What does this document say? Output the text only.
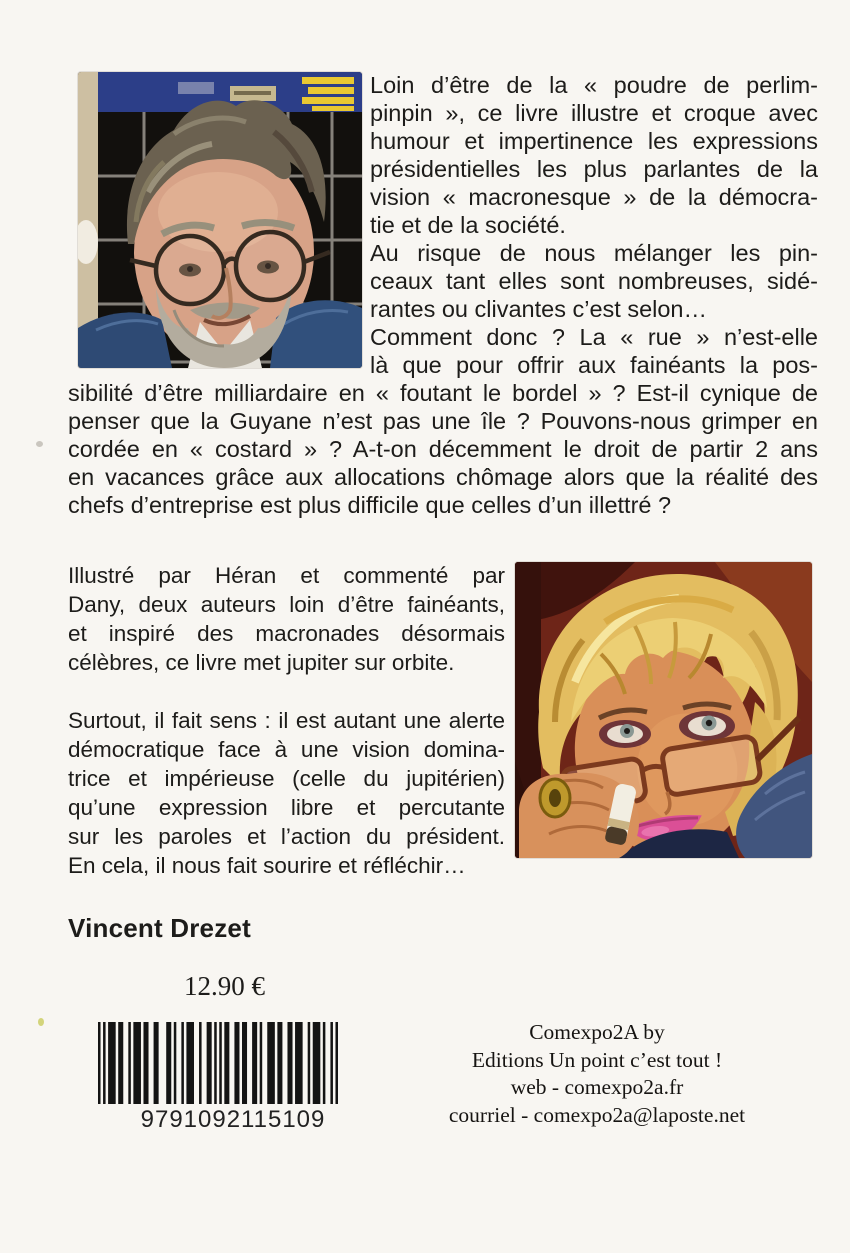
Loin d’être de la « poudre de perlim-
pinpin », ce livre illustre et croque avec
humour et impertinence les expressions
présidentielles les plus parlantes de la
vision « macronesque » de la démocra-
tie et de la société.
Au risque de nous mélanger les pin-
ceaux tant elles sont nombreuses, sidé-
rantes ou clivantes c’est selon…
Comment donc ? La « rue » n’est-elle
là que pour offrir aux fainéants la pos-
sibilité d’être milliardaire en « foutant le bordel » ? Est-il cynique de
penser que la Guyane n’est pas une île ? Pouvons-nous grimper en
cordée en « costard » ? A-t-on décemment le droit de partir 2 ans
en vacances grâce aux allocations chômage alors que la réalité des
chefs d’entreprise est plus difficile que celles d’un illettré ?
Illustré par Héran et commenté par
Dany, deux auteurs loin d’être fainéants,
et inspiré des macronades désormais
célèbres, ce livre met jupiter sur orbite.
Surtout, il fait sens : il est autant une alerte
démocratique face à une vision domina-
trice et impérieuse (celle du jupitérien)
qu’une expression libre et percutante
sur les paroles et l’action du président.
En cela, il nous fait sourire et réfléchir…
Vincent Drezet
12.90 €
9791092115109
Comexpo2A by
Editions Un point c’est tout !
web - comexpo2a.fr
courriel - comexpo2a@laposte.net
